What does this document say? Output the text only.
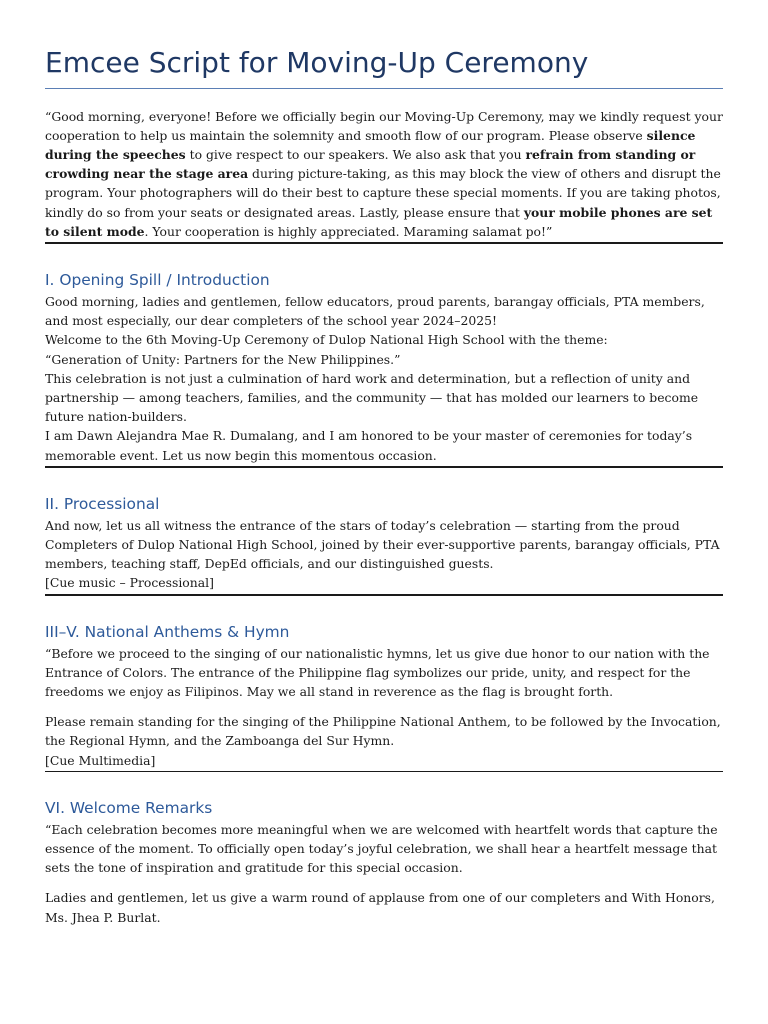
Emcee Script for Moving-Up Ceremony

“Good morning, everyone! Before we officially begin our Moving-Up Ceremony, may we kindly request your cooperation to help us maintain the solemnity and smooth flow of our program. Please observe silence during the speeches to give respect to our speakers. We also ask that you refrain from standing or crowding near the stage area during picture-taking, as this may block the view of others and disrupt the program. Your photographers will do their best to capture these special moments. If you are taking photos, kindly do so from your seats or designated areas. Lastly, please ensure that your mobile phones are set to silent mode. Your cooperation is highly appreciated. Maraming salamat po!”

I. Opening Spill / Introduction

Good morning, ladies and gentlemen, fellow educators, proud parents, barangay officials, PTA members, and most especially, our dear completers of the school year 2024–2025!

Welcome to the 6th Moving-Up Ceremony of Dulop National High School with the theme:

“Generation of Unity: Partners for the New Philippines.”

This celebration is not just a culmination of hard work and determination, but a reflection of unity and partnership — among teachers, families, and the community — that has molded our learners to become future nation-builders.

I am Dawn Alejandra Mae R. Dumalang, and I am honored to be your master of ceremonies for today’s memorable event. Let us now begin this momentous occasion.

II. Processional

And now, let us all witness the entrance of the stars of today’s celebration — starting from the proud Completers of Dulop National High School, joined by their ever-supportive parents, barangay officials, PTA members, teaching staff, DepEd officials, and our distinguished guests.

[Cue music – Processional]

III–V. National Anthems & Hymn

“Before we proceed to the singing of our nationalistic hymns, let us give due honor to our nation with the Entrance of Colors. The entrance of the Philippine flag symbolizes our pride, unity, and respect for the freedoms we enjoy as Filipinos. May we all stand in reverence as the flag is brought forth.

Please remain standing for the singing of the Philippine National Anthem, to be followed by the Invocation, the Regional Hymn, and the Zamboanga del Sur Hymn.

[Cue Multimedia]

VI. Welcome Remarks

“Each celebration becomes more meaningful when we are welcomed with heartfelt words that capture the essence of the moment. To officially open today’s joyful celebration, we shall hear a heartfelt message that sets the tone of inspiration and gratitude for this special occasion.

Ladies and gentlemen, let us give a warm round of applause from one of our completers and With Honors, Ms. Jhea P. Burlat.
